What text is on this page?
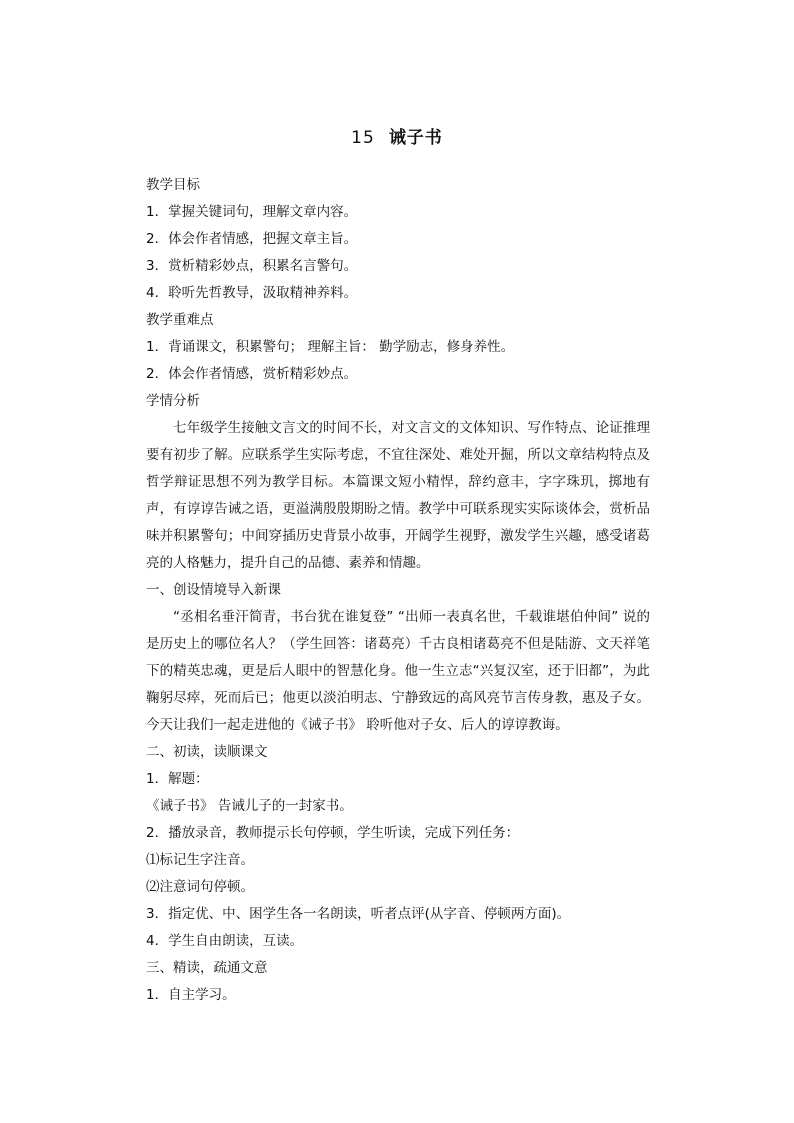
15 诫子书
教学目标
1．掌握关键词句，理解文章内容。
2．体会作者情感，把握文章主旨。
3．赏析精彩妙点，积累名言警句。
4．聆听先哲教导，汲取精神养料。
教学重难点
1．背诵课文，积累警句； 理解主旨： 勤学励志，修身养性。
2．体会作者情感，赏析精彩妙点。
学情分析
七年级学生接触文言文的时间不长，对文言文的文体知识、写作特点、论证推理要有初步了解。应联系学生实际考虑，不宜往深处、难处开掘，所以文章结构特点及哲学辩证思想不列为教学目标。本篇课文短小精悍，辞约意丰，字字珠玑，掷地有声，有谆谆告诫之语，更溢满殷殷期盼之情。教学中可联系现实实际谈体会，赏析品味并积累警句；中间穿插历史背景小故事，开阔学生视野，激发学生兴趣，感受诸葛亮的人格魅力，提升自己的品德、素养和情趣。
一、创设情境导入新课
“丞相名垂汗简青，书台犹在谁复登” “出师一表真名世，千载谁堪伯仲间” 说的是历史上的哪位名人？（学生回答：诸葛亮）千古良相诸葛亮不但是陆游、文天祥笔下的精英忠魂，更是后人眼中的智慧化身。他一生立志“兴复汉室，还于旧都”，为此鞠躬尽瘁，死而后已；他更以淡泊明志、宁静致远的高风亮节言传身教，惠及子女。今天让我们一起走进他的《诫子书》 聆听他对子女、后人的谆谆教诲。
二、初读，读顺课文
1．解题：
《诫子书》 告诫儿子的一封家书。
2．播放录音，教师提示长句停顿，学生听读，完成下列任务：
⑴标记生字注音。
⑵注意词句停顿。
3．指定优、中、困学生各一名朗读，听者点评(从字音、停顿两方面)。
4．学生自由朗读，互读。
三、精读，疏通文意
1．自主学习。
